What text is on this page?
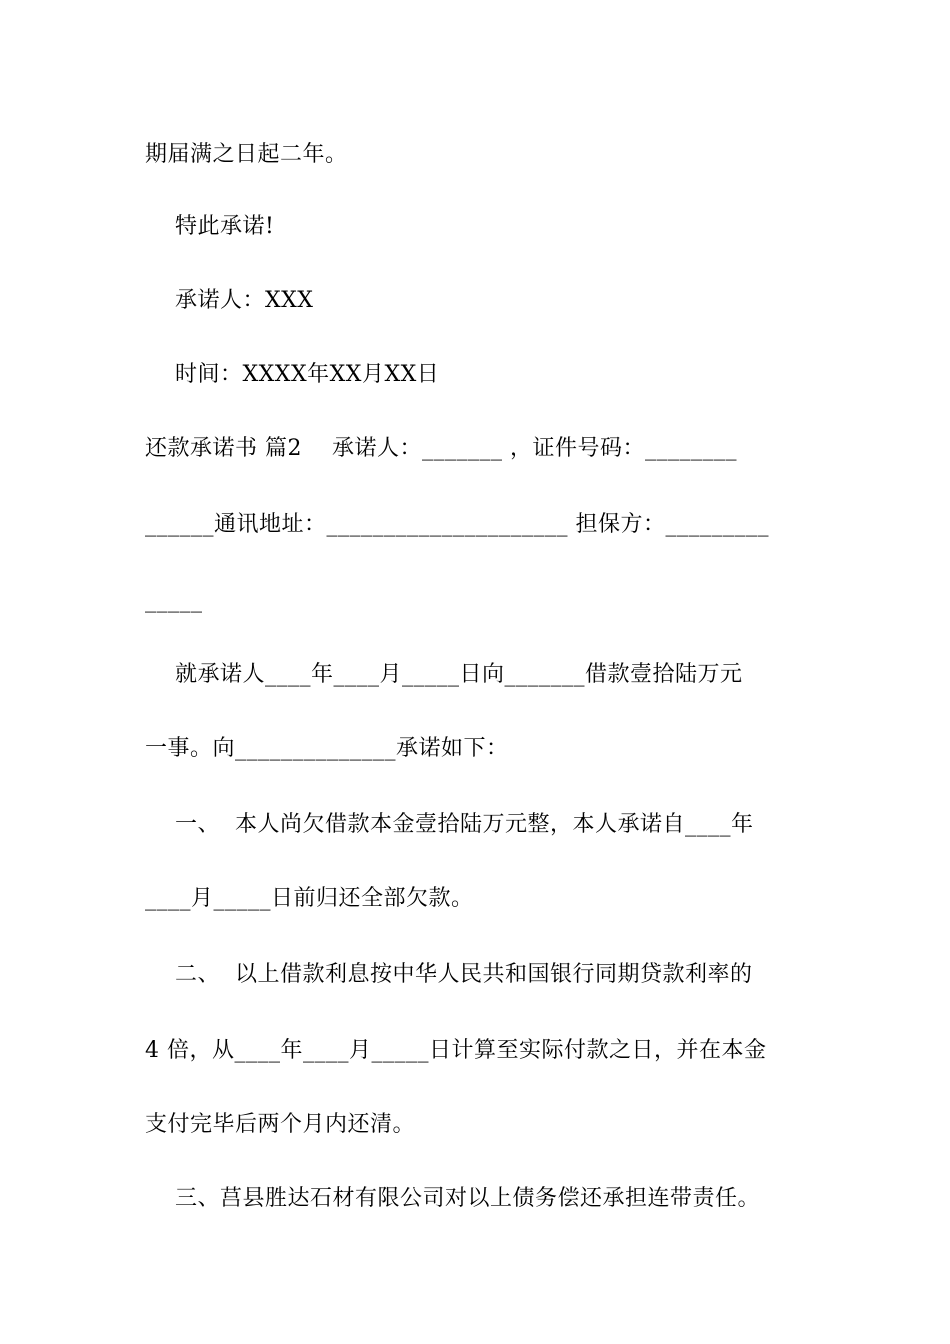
期届满之日起二年。
特此承诺!
承诺人：XXX
时间：XXXX年XX月XX日
还款承诺书 篇2    承诺人：_______ ，证件号码：________
______通讯地址：_____________________ 担保方：_________
_____
就承诺人____年____月_____日向_______借款壹拾陆万元
一事。向______________承诺如下：
一、  本人尚欠借款本金壹拾陆万元整，本人承诺自____年
____月_____日前归还全部欠款。
二、  以上借款利息按中华人民共和国银行同期贷款利率的
4 倍，从____年____月_____日计算至实际付款之日，并在本金
支付完毕后两个月内还清。
三、莒县胜达石材有限公司对以上债务偿还承担连带责任。
